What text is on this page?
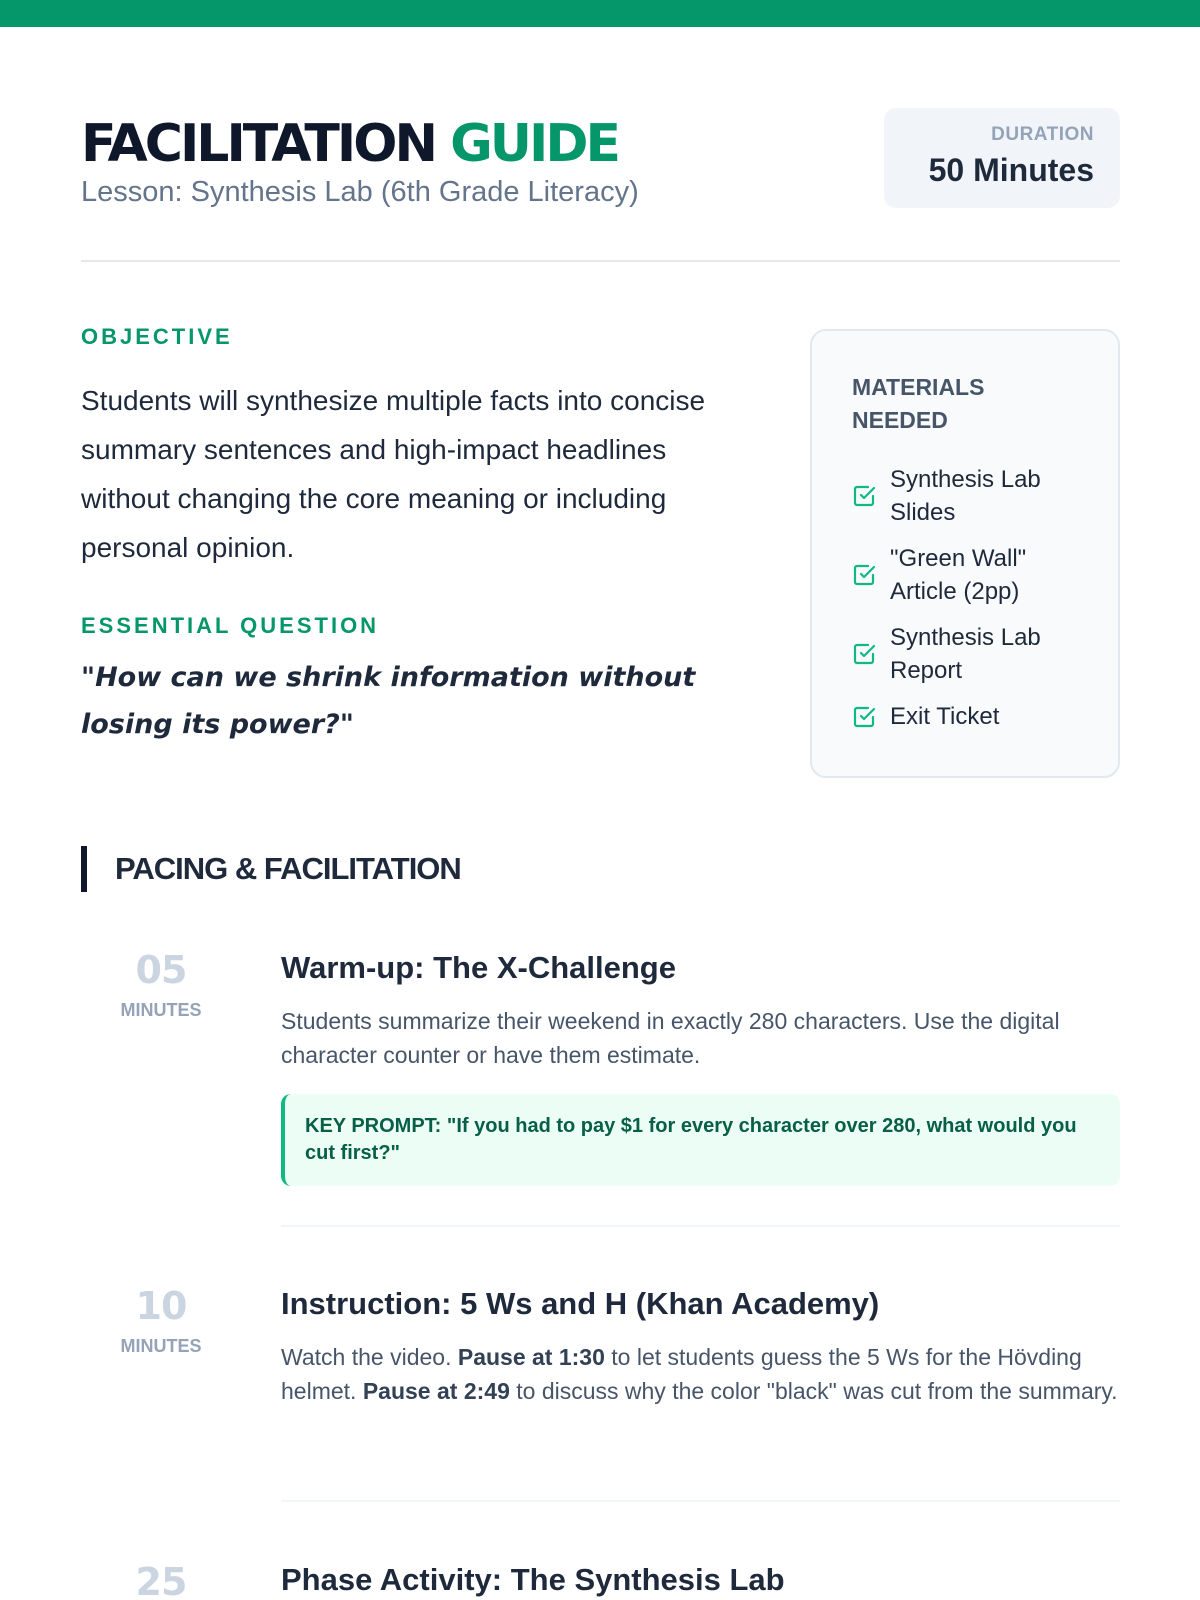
FACILITATION GUIDE
Lesson: Synthesis Lab (6th Grade Literacy)
DURATION
50 Minutes
OBJECTIVE

Students will synthesize multiple facts into concise summary sentences and high-impact headlines without changing the core meaning or including personal opinion.

ESSENTIAL QUESTION

"How can we shrink information without losing its power?"

MATERIALS NEEDED
Synthesis Lab Slides
"Green Wall" Article (2pp)
Synthesis Lab Report
Exit Ticket
PACING & FACILITATION
05
MINUTES
Warm-up: The X-Challenge

Students summarize their weekend in exactly 280 characters. Use the digital character counter or have them estimate.

KEY PROMPT: "If you had to pay $1 for every character over 280, what would you cut first?"
10
MINUTES
Instruction: 5 Ws and H (Khan Academy)

Watch the video. Pause at 1:30 to let students guess the 5 Ws for the Hövding helmet. Pause at 2:49 to discuss why the color "black" was cut from the summary.

25	Phase Activity: The Synthesis Lab
